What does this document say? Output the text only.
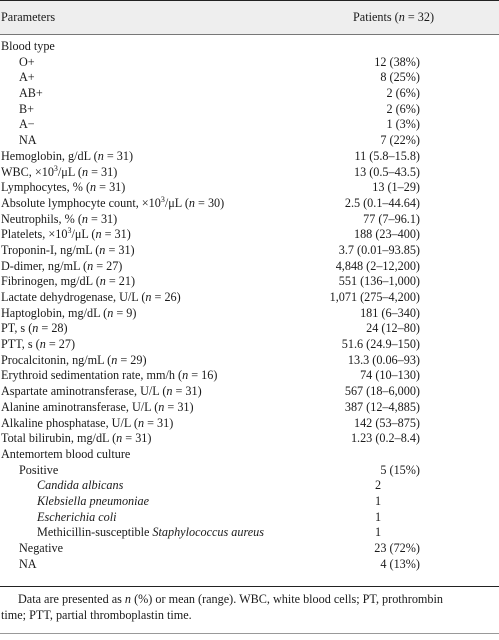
Parameters	Patients (n = 32)
Blood type
O+	12 (38%)
A+	8 (25%)
AB+	2 (6%)
B+	2 (6%)
A−	1 (3%)
NA	7 (22%)
Hemoglobin, g/dL (n = 31)	11 (5.8–15.8)
WBC, $\times 10^3/\mu L$ (n = 31)	13 (0.5–43.5)
Lymphocytes, % (n = 31)	13 (1–29)
Absolute lymphocyte count, $\times 10^3/\mu L$ (n = 30)	2.5 (0.1–44.64)
Neutrophils, % (n = 31)	77 (7–96.1)
Platelets, $\times 10^3/\mu L$ (n = 31)	188 (23–400)
Troponin-I, ng/mL (n = 31)	3.7 (0.01–93.85)
D-dimer, ng/mL (n = 27)	4,848 (2–12,200)
Fibrinogen, mg/dL (n = 21)	551 (136–1,000)
Lactate dehydrogenase, U/L (n = 26)	1,071 (275–4,200)
Haptoglobin, mg/dL (n = 9)	181 (6–340)
PT, s (n = 28)	24 (12–80)
PTT, s (n = 27)	51.6 (24.9–150)
Procalcitonin, ng/mL (n = 29)	13.3 (0.06–93)
Erythroid sedimentation rate, mm/h (n = 16)	74 (10–130)
Aspartate aminotransferase, U/L (n = 31)	567 (18–6,000)
Alanine aminotransferase, U/L (n = 31)	387 (12–4,885)
Alkaline phosphatase, U/L (n = 31)	142 (53–875)
Total bilirubin, mg/dL (n = 31)	1.23 (0.2–8.4)
Antemortem blood culture
Positive	5 (15%)
Candida albicans	2
Klebsiella pneumoniae	1
Escherichia coli	1
Methicillin-susceptible Staphylococcus aureus	1
Negative	23 (72%)
NA	4 (13%)
Data are presented as n (%) or mean (range). WBC, white blood cells; PT, prothrombin
time; PTT, partial thromboplastin time.
